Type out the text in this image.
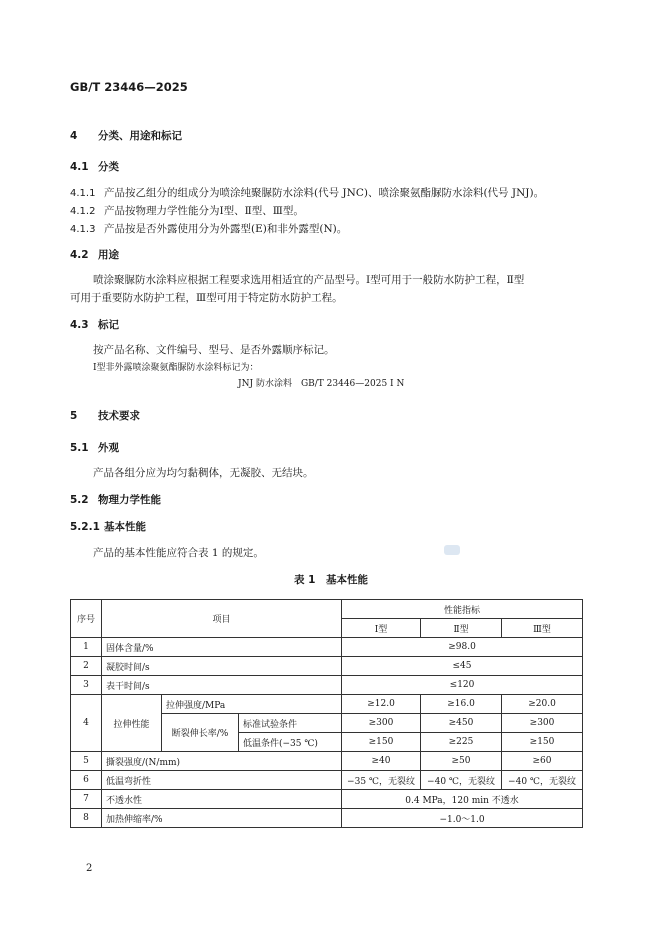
GB/T 23446—2025
4 分类、用途和标记
4.1 分类
4.1.1 产品按乙组分的组成分为喷涂纯聚脲防水涂料(代号 JNC)、喷涂聚氨酯脲防水涂料(代号 JNJ)。
4.1.2 产品按物理力学性能分为Ⅰ型、Ⅱ型、Ⅲ型。
4.1.3 产品按是否外露使用分为外露型(E)和非外露型(N)。
4.2 用途
喷涂聚脲防水涂料应根据工程要求选用相适宜的产品型号。Ⅰ型可用于一般防水防护工程，Ⅱ型
可用于重要防水防护工程，Ⅲ型可用于特定防水防护工程。
4.3 标记
按产品名称、文件编号、型号、是否外露顺序标记。
Ⅰ型非外露喷涂聚氨酯脲防水涂料标记为：
JNJ 防水涂料　GB/T 23446—2025 Ⅰ N
5 技术要求
5.1 外观
产品各组分应为均匀黏稠体，无凝胶、无结块。
5.2 物理力学性能
5.2.1 基本性能
产品的基本性能应符合表 1 的规定。
表 1　基本性能
序号	项目			性能指标		
				Ⅰ型	Ⅱ型	Ⅲ型
1	固体含量/%			≥98.0		
2	凝胶时间/s			≤45		
3	表干时间/s			≤120		
4	拉伸性能	拉伸强度/MPa		≥12.0	≥16.0	≥20.0
		断裂伸长率/%	标准试验条件	≥300	≥450	≥300
			低温条件(−35 ℃)	≥150	≥225	≥150
5	撕裂强度/(N/mm)			≥40	≥50	≥60
6	低温弯折性			−35 ℃，无裂纹	−40 ℃，无裂纹	−40 ℃，无裂纹
7	不透水性			0.4 MPa，120 min 不透水		
8	加热伸缩率/%			−1.0～1.0		
2
